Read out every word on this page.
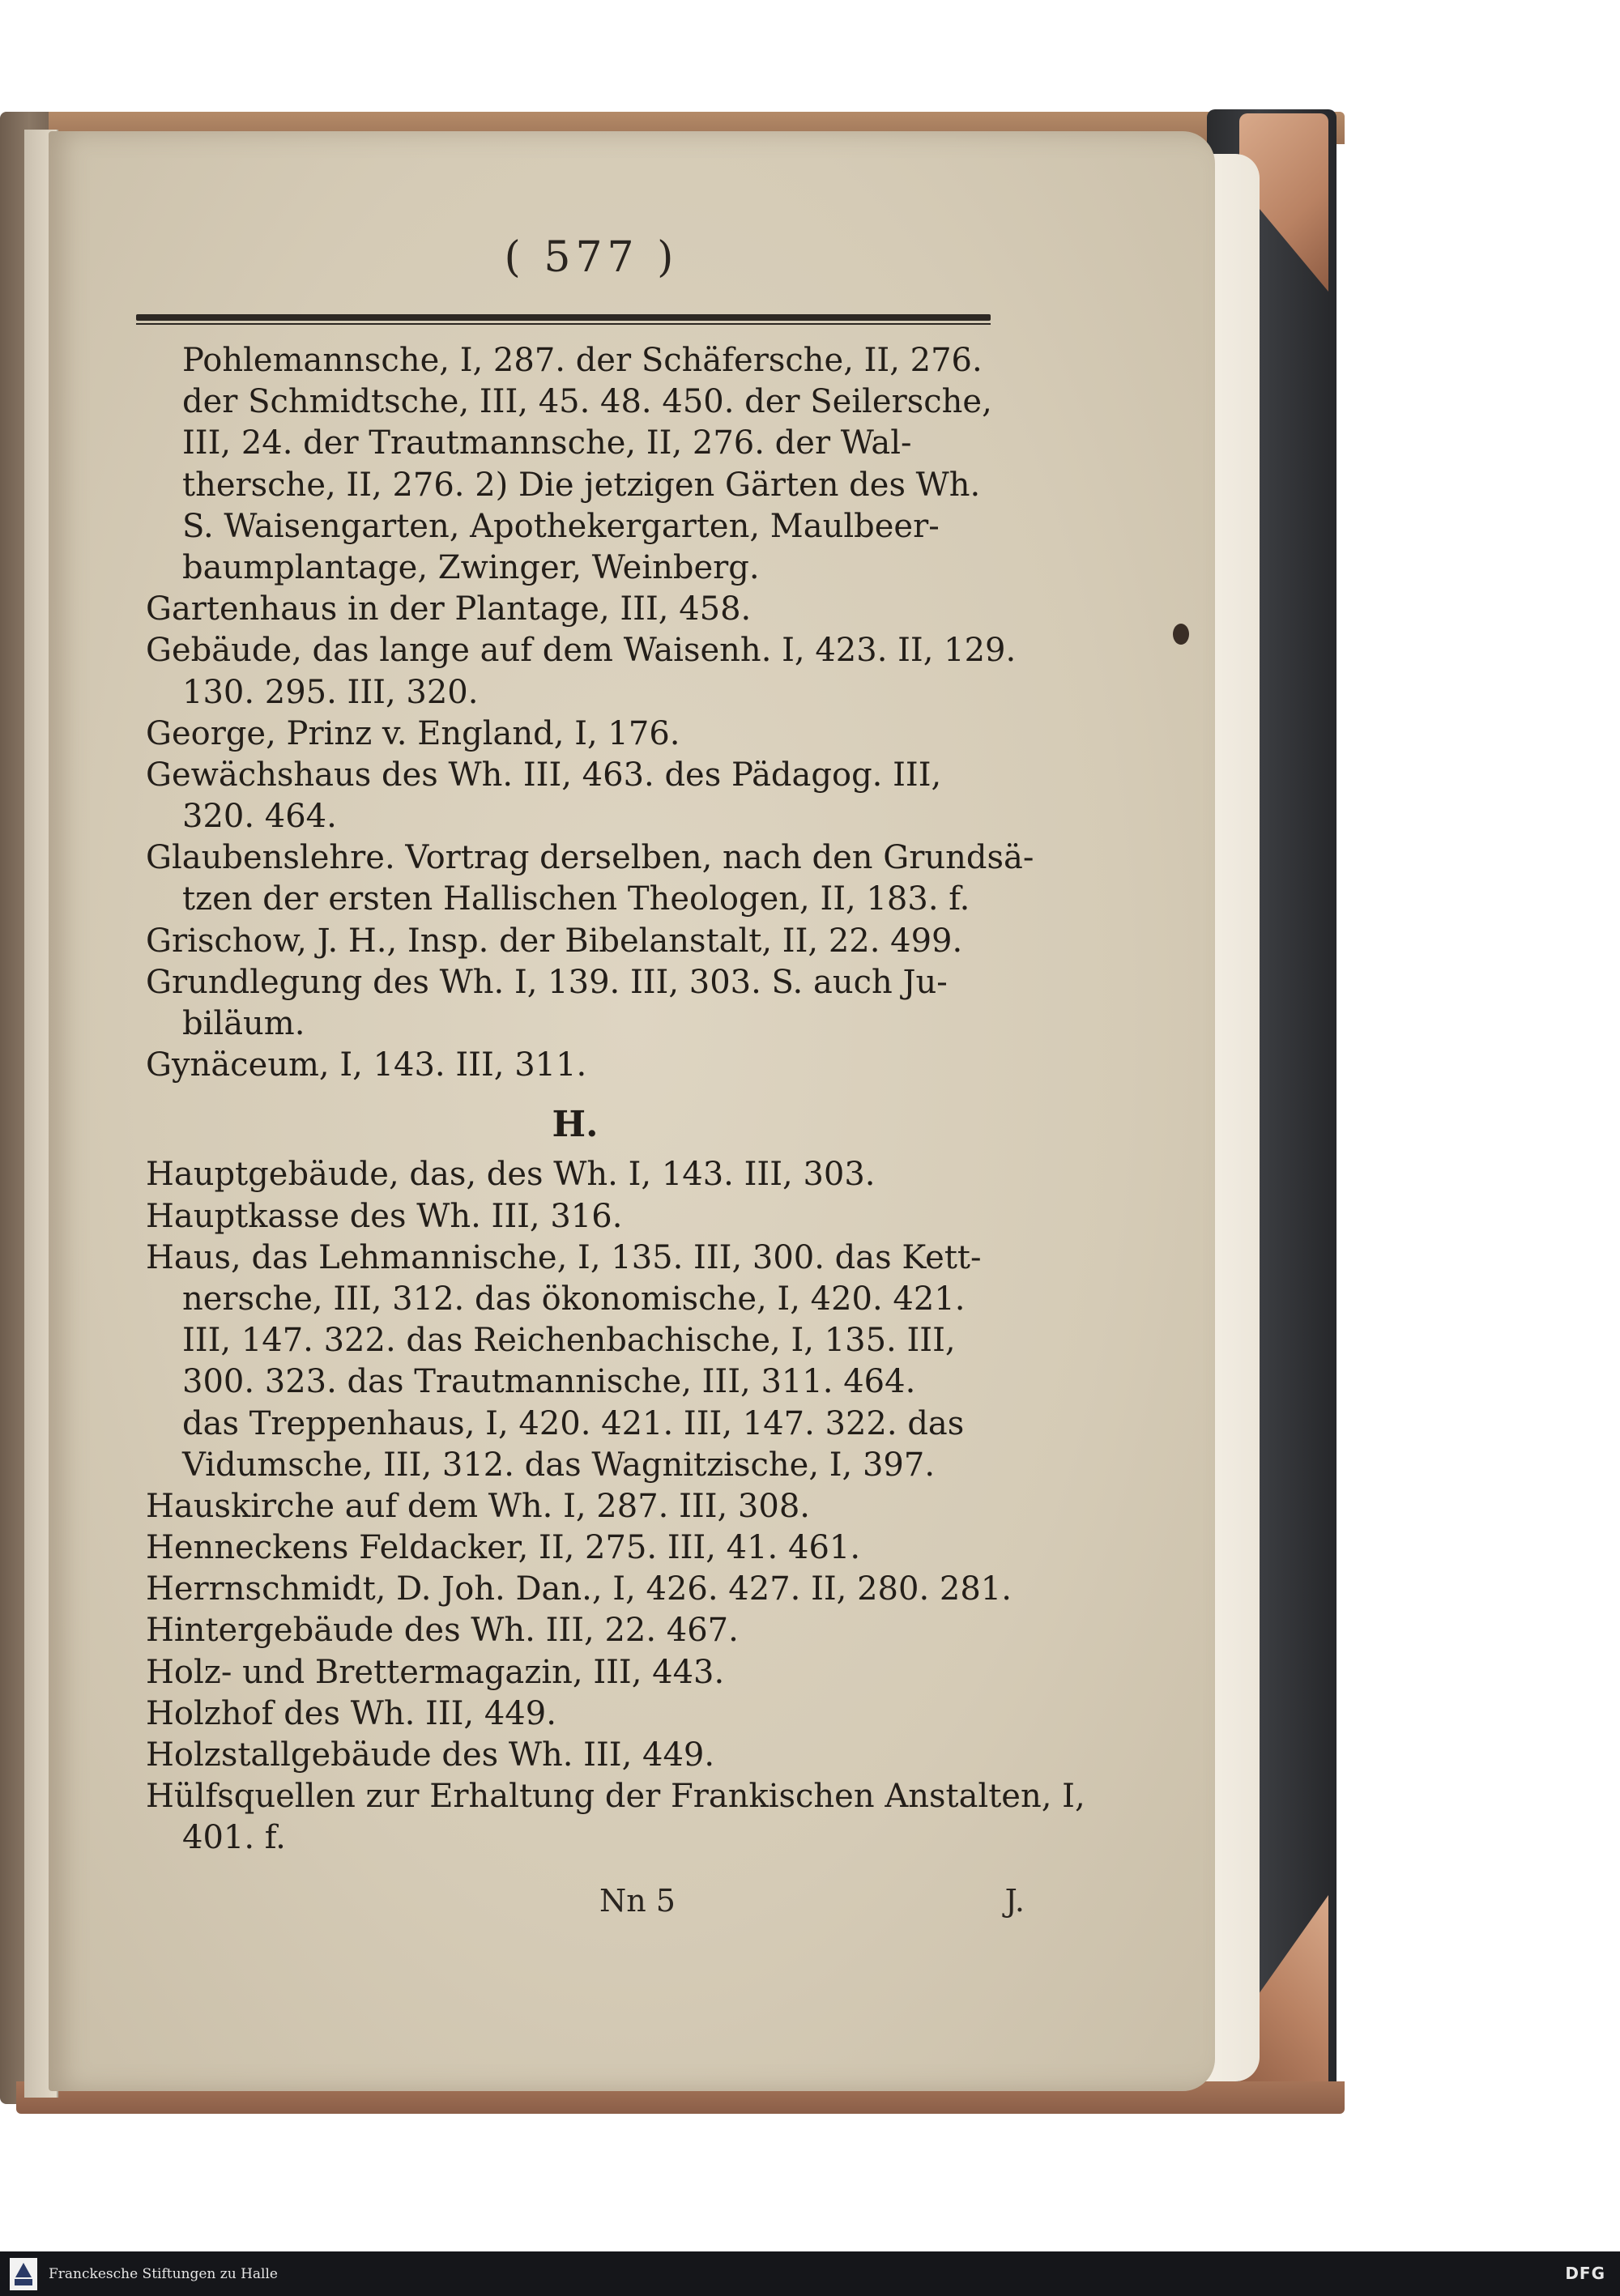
( 577 )
Pohlemannsche, I, 287. der Schäfersche, II, 276.
der Schmidtsche, III, 45. 48. 450. der Seilersche,
III, 24. der Trautmannsche, II, 276. der Wal-
thersche, II, 276. 2) Die jetzigen Gärten des Wh.
S. Waisengarten, Apothekergarten, Maulbeer-
baumplantage, Zwinger, Weinberg.
Gartenhaus in der Plantage, III, 458.
Gebäude, das lange auf dem Waisenh. I, 423. II, 129.
130. 295. III, 320.
George, Prinz v. England, I, 176.
Gewächshaus des Wh. III, 463. des Pädagog. III,
320. 464.
Glaubenslehre. Vortrag derselben, nach den Grundsä-
tzen der ersten Hallischen Theologen, II, 183. f.
Grischow, J. H., Insp. der Bibelanstalt, II, 22. 499.
Grundlegung des Wh. I, 139. III, 303. S. auch Ju-
biläum.
Gynäceum, I, 143. III, 311.
H.
Hauptgebäude, das, des Wh. I, 143. III, 303.
Hauptkasse des Wh. III, 316.
Haus, das Lehmannische, I, 135. III, 300. das Kett-
nersche, III, 312. das ökonomische, I, 420. 421.
III, 147. 322. das Reichenbachische, I, 135. III,
300. 323. das Trautmannische, III, 311. 464.
das Treppenhaus, I, 420. 421. III, 147. 322. das
Vidumsche, III, 312. das Wagnitzische, I, 397.
Hauskirche auf dem Wh. I, 287. III, 308.
Henneckens Feldacker, II, 275. III, 41. 461.
Herrnschmidt, D. Joh. Dan., I, 426. 427. II, 280. 281.
Hintergebäude des Wh. III, 22. 467.
Holz- und Brettermagazin, III, 443.
Holzhof des Wh. III, 449.
Holzstallgebäude des Wh. III, 449.
Hülfsquellen zur Erhaltung der Frankischen Anstalten, I,
401. f.
Nn 5	J.
Franckesche Stiftungen zu Halle	DFG
